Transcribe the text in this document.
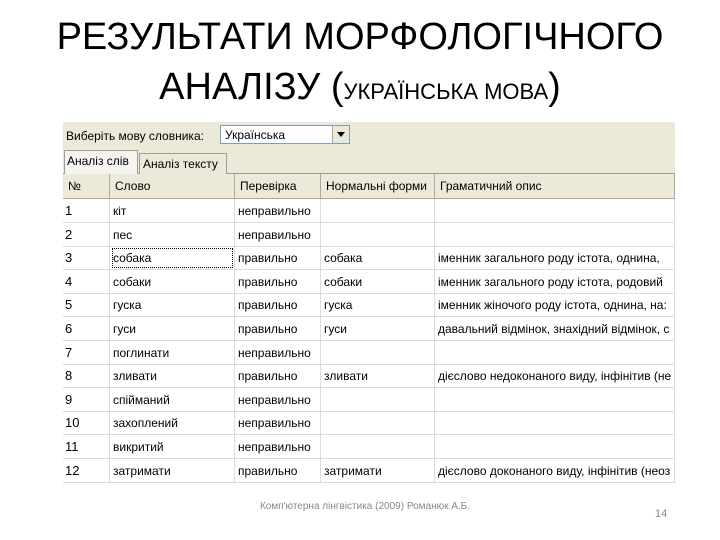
РЕЗУЛЬТАТИ МОРФОЛОГІЧНОГО
АНАЛІЗУ (УКРАЇНСЬКА МОВА)
Виберіть мову словника: Українська
Аналіз слів	Аналіз тексту
№	Слово	Перевірка	Нормальні форми	Граматичний опис
1	кіт	неправильно
2	пес	неправильно
3	собака	правильно	собака	іменник загального роду істота, однина,
4	собаки	правильно	собаки	іменник загального роду істота, родовий
5	гуска	правильно	гуска	іменник жіночого роду істота, однина, на:
6	гуси	правильно	гуси	давальний відмінок, знахідний відмінок, с
7	поглинати	неправильно
8	зливати	правильно	зливати	дієслово недоконаного виду, інфінітив (не
9	спійманий	неправильно
10	захоплений	неправильно
11	викритий	неправильно
12	затримати	правильно	затримати	дієслово доконаного виду, інфінітив (неоз
Комп'ютерна лінгвістика (2009) Романюк А.Б.
14
